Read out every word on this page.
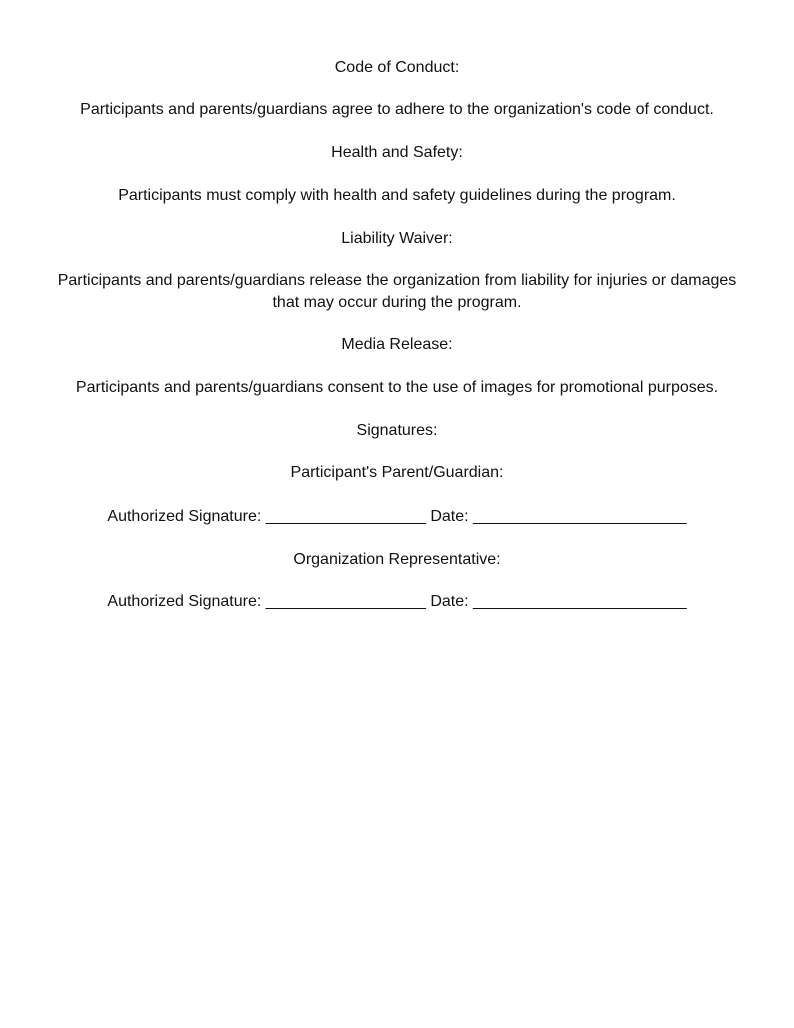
Code of Conduct:
Participants and parents/guardians agree to adhere to the organization's code of conduct.
Health and Safety:
Participants must comply with health and safety guidelines during the program.
Liability Waiver:
Participants and parents/guardians release the organization from liability for injuries or damages
that may occur during the program.
Media Release:
Participants and parents/guardians consent to the use of images for promotional purposes.
Signatures:
Participant's Parent/Guardian:
Authorized Signature: __________________ Date: ________________________
Organization Representative:
Authorized Signature: __________________ Date: ________________________
